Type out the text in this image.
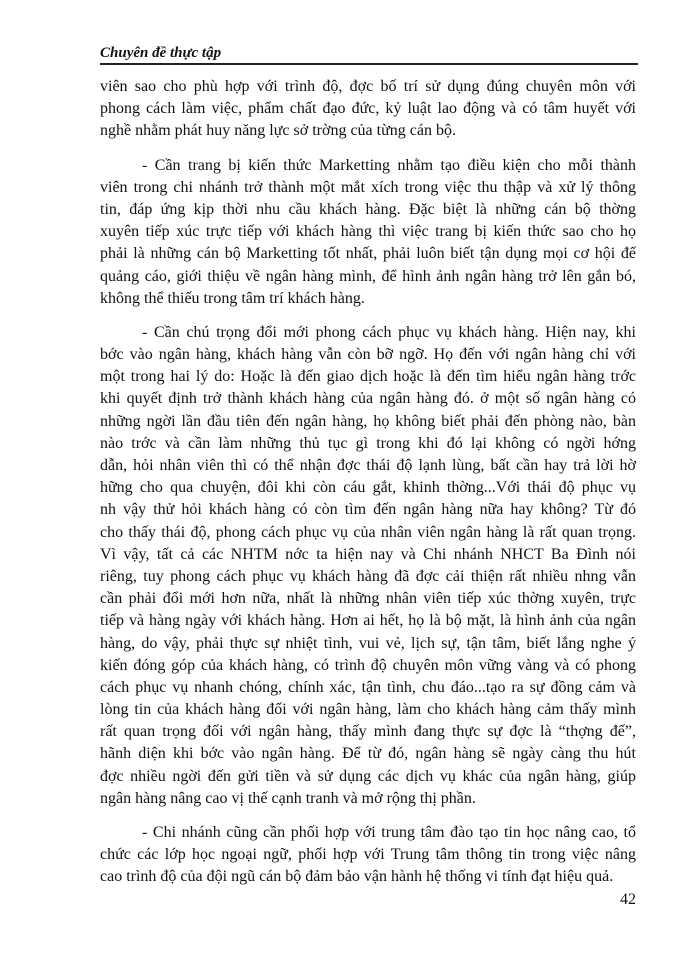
Chuyên đề thực tập
viên sao cho phù hợp với trình độ, đợc bố trí sử dụng đúng chuyên môn với
phong cách làm việc, phẩm chất đạo đức, kỷ luật lao động và có tâm huyết với
nghề nhằm phát huy năng lực sở trờng của từng cán bộ.
- Cần trang bị kiến thức Marketting nhằm tạo điều kiện cho mỗi thành
viên trong chi nhánh trở thành một mắt xích trong việc thu thập và xử lý thông
tin, đáp ứng kịp thời nhu cầu khách hàng. Đặc biệt là những cán bộ thờng
xuyên tiếp xúc trực tiếp với khách hàng thì việc trang bị kiến thức sao cho họ
phải là những cán bộ Marketting tốt nhất, phải luôn biết tận dụng mọi cơ hội để
quảng cáo, giới thiệu về ngân hàng mình, để hình ảnh ngân hàng trở lên gắn bó,
không thể thiếu trong tâm trí khách hàng.
- Cần chú trọng đổi mới phong cách phục vụ khách hàng. Hiện nay, khi
bớc vào ngân hàng, khách hàng vẫn còn bỡ ngỡ. Họ đến với ngân hàng chỉ với
một trong hai lý do: Hoặc là đến giao dịch hoặc là đến tìm hiểu ngân hàng trớc
khi quyết định trở thành khách hàng của ngân hàng đó. ở một số ngân hàng có
những ngời lần đầu tiên đến ngân hàng, họ không biết phải đến phòng nào, bàn
nào trớc và cần làm những thủ tục gì trong khi đó lại không có ngời hớng
dẫn, hỏi nhân viên thì có thể nhận đợc thái độ lạnh lùng, bất cần hay trả lời hờ
hững cho qua chuyện, đôi khi còn cáu gắt, khinh thờng...Với thái độ phục vụ
nh vậy thử hỏi khách hàng có còn tìm đến ngân hàng nữa hay không? Từ đó
cho thấy thái độ, phong cách phục vụ của nhân viên ngân hàng là rất quan trọng.
Vì vậy, tất cả các NHTM nớc ta hiện nay và Chi nhánh NHCT Ba Đình nói
riêng, tuy phong cách phục vụ khách hàng đã đợc cải thiện rất nhiều nhng vẫn
cần phải đổi mới hơn nữa, nhất là những nhân viên tiếp xúc thờng xuyên, trực
tiếp và hàng ngày với khách hàng. Hơn ai hết, họ là bộ mặt, là hình ảnh của ngân
hàng, do vậy, phải thực sự nhiệt tình, vui vẻ, lịch sự, tận tâm, biết lắng nghe ý
kiến đóng góp của khách hàng, có trình độ chuyên môn vững vàng và có phong
cách phục vụ nhanh chóng, chính xác, tận tình, chu đáo...tạo ra sự đồng cảm và
lòng tin của khách hàng đối với ngân hàng, làm cho khách hàng cảm thấy mình
rất quan trọng đối với ngân hàng, thấy mình đang thực sự đợc là “thợng đế”,
hãnh diện khi bớc vào ngân hàng. Để từ đó, ngân hàng sẽ ngày càng thu hút
đợc nhiều ngời đến gửi tiền và sử dụng các dịch vụ khác của ngân hàng, giúp
ngân hàng nâng cao vị thế cạnh tranh và mở rộng thị phần.
- Chi nhánh cũng cần phối hợp với trung tâm đào tạo tin học nâng cao, tổ
chức các lớp học ngoại ngữ, phối hợp với Trung tâm thông tin trong việc nâng
cao trình độ của đội ngũ cán bộ đảm bảo vận hành hệ thống vi tính đạt hiệu quả.
42
